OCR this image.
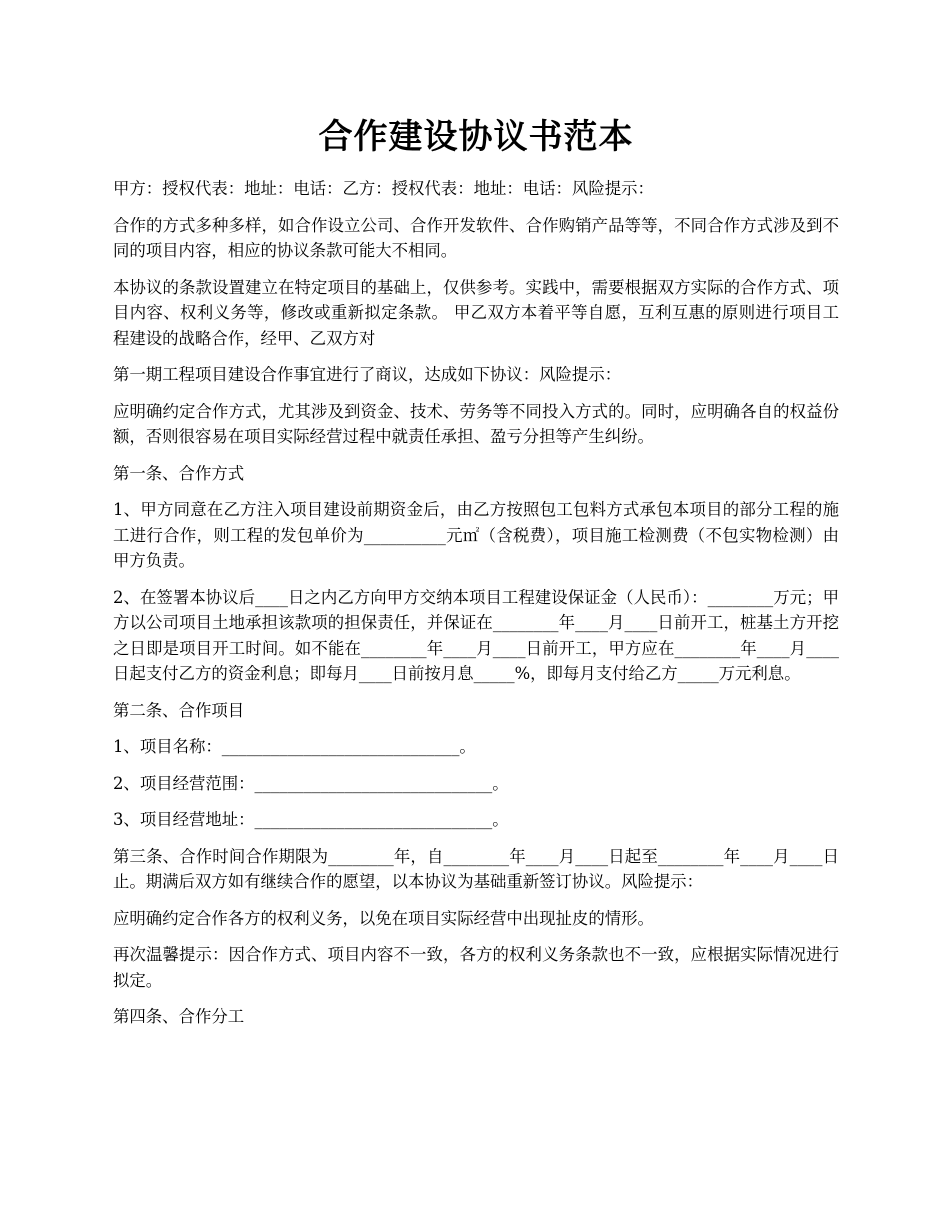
合作建设协议书范本

甲方：授权代表：地址：电话：乙方：授权代表：地址：电话：风险提示：

合作的方式多种多样，如合作设立公司、合作开发软件、合作购销产品等等，不同合作方式涉及到不同的项目内容，相应的协议条款可能大不相同。

本协议的条款设置建立在特定项目的基础上，仅供参考。实践中，需要根据双方实际的合作方式、项目内容、权利义务等，修改或重新拟定条款。 甲乙双方本着平等自愿，互利互惠的原则进行项目工程建设的战略合作，经甲、乙双方对

第一期工程项目建设合作事宜进行了商议，达成如下协议：风险提示：

应明确约定合作方式，尤其涉及到资金、技术、劳务等不同投入方式的。同时，应明确各自的权益份额，否则很容易在项目实际经营过程中就责任承担、盈亏分担等产生纠纷。

第一条、合作方式

1、甲方同意在乙方注入项目建设前期资金后，由乙方按照包工包料方式承包本项目的部分工程的施工进行合作，则工程的发包单价为__________元㎡（含税费），项目施工检测费（不包实物检测）由甲方负责。

2、在签署本协议后____日之内乙方向甲方交纳本项目工程建设保证金（人民币）：________万元；甲方以公司项目土地承担该款项的担保责任，并保证在________年____月____日前开工，桩基土方开挖之日即是项目开工时间。如不能在________年____月____日前开工，甲方应在________年____月____日起支付乙方的资金利息；即每月____日前按月息_____%，即每月支付给乙方_____万元利息。

第二条、合作项目

1、项目名称：_____________________________。

2、项目经营范围：_____________________________。

3、项目经营地址：_____________________________。

第三条、合作时间合作期限为________年，自________年____月____日起至________年____月____日止。期满后双方如有继续合作的愿望，以本协议为基础重新签订协议。风险提示：

应明确约定合作各方的权利义务，以免在项目实际经营中出现扯皮的情形。

再次温馨提示：因合作方式、项目内容不一致，各方的权利义务条款也不一致，应根据实际情况进行拟定。

第四条、合作分工
